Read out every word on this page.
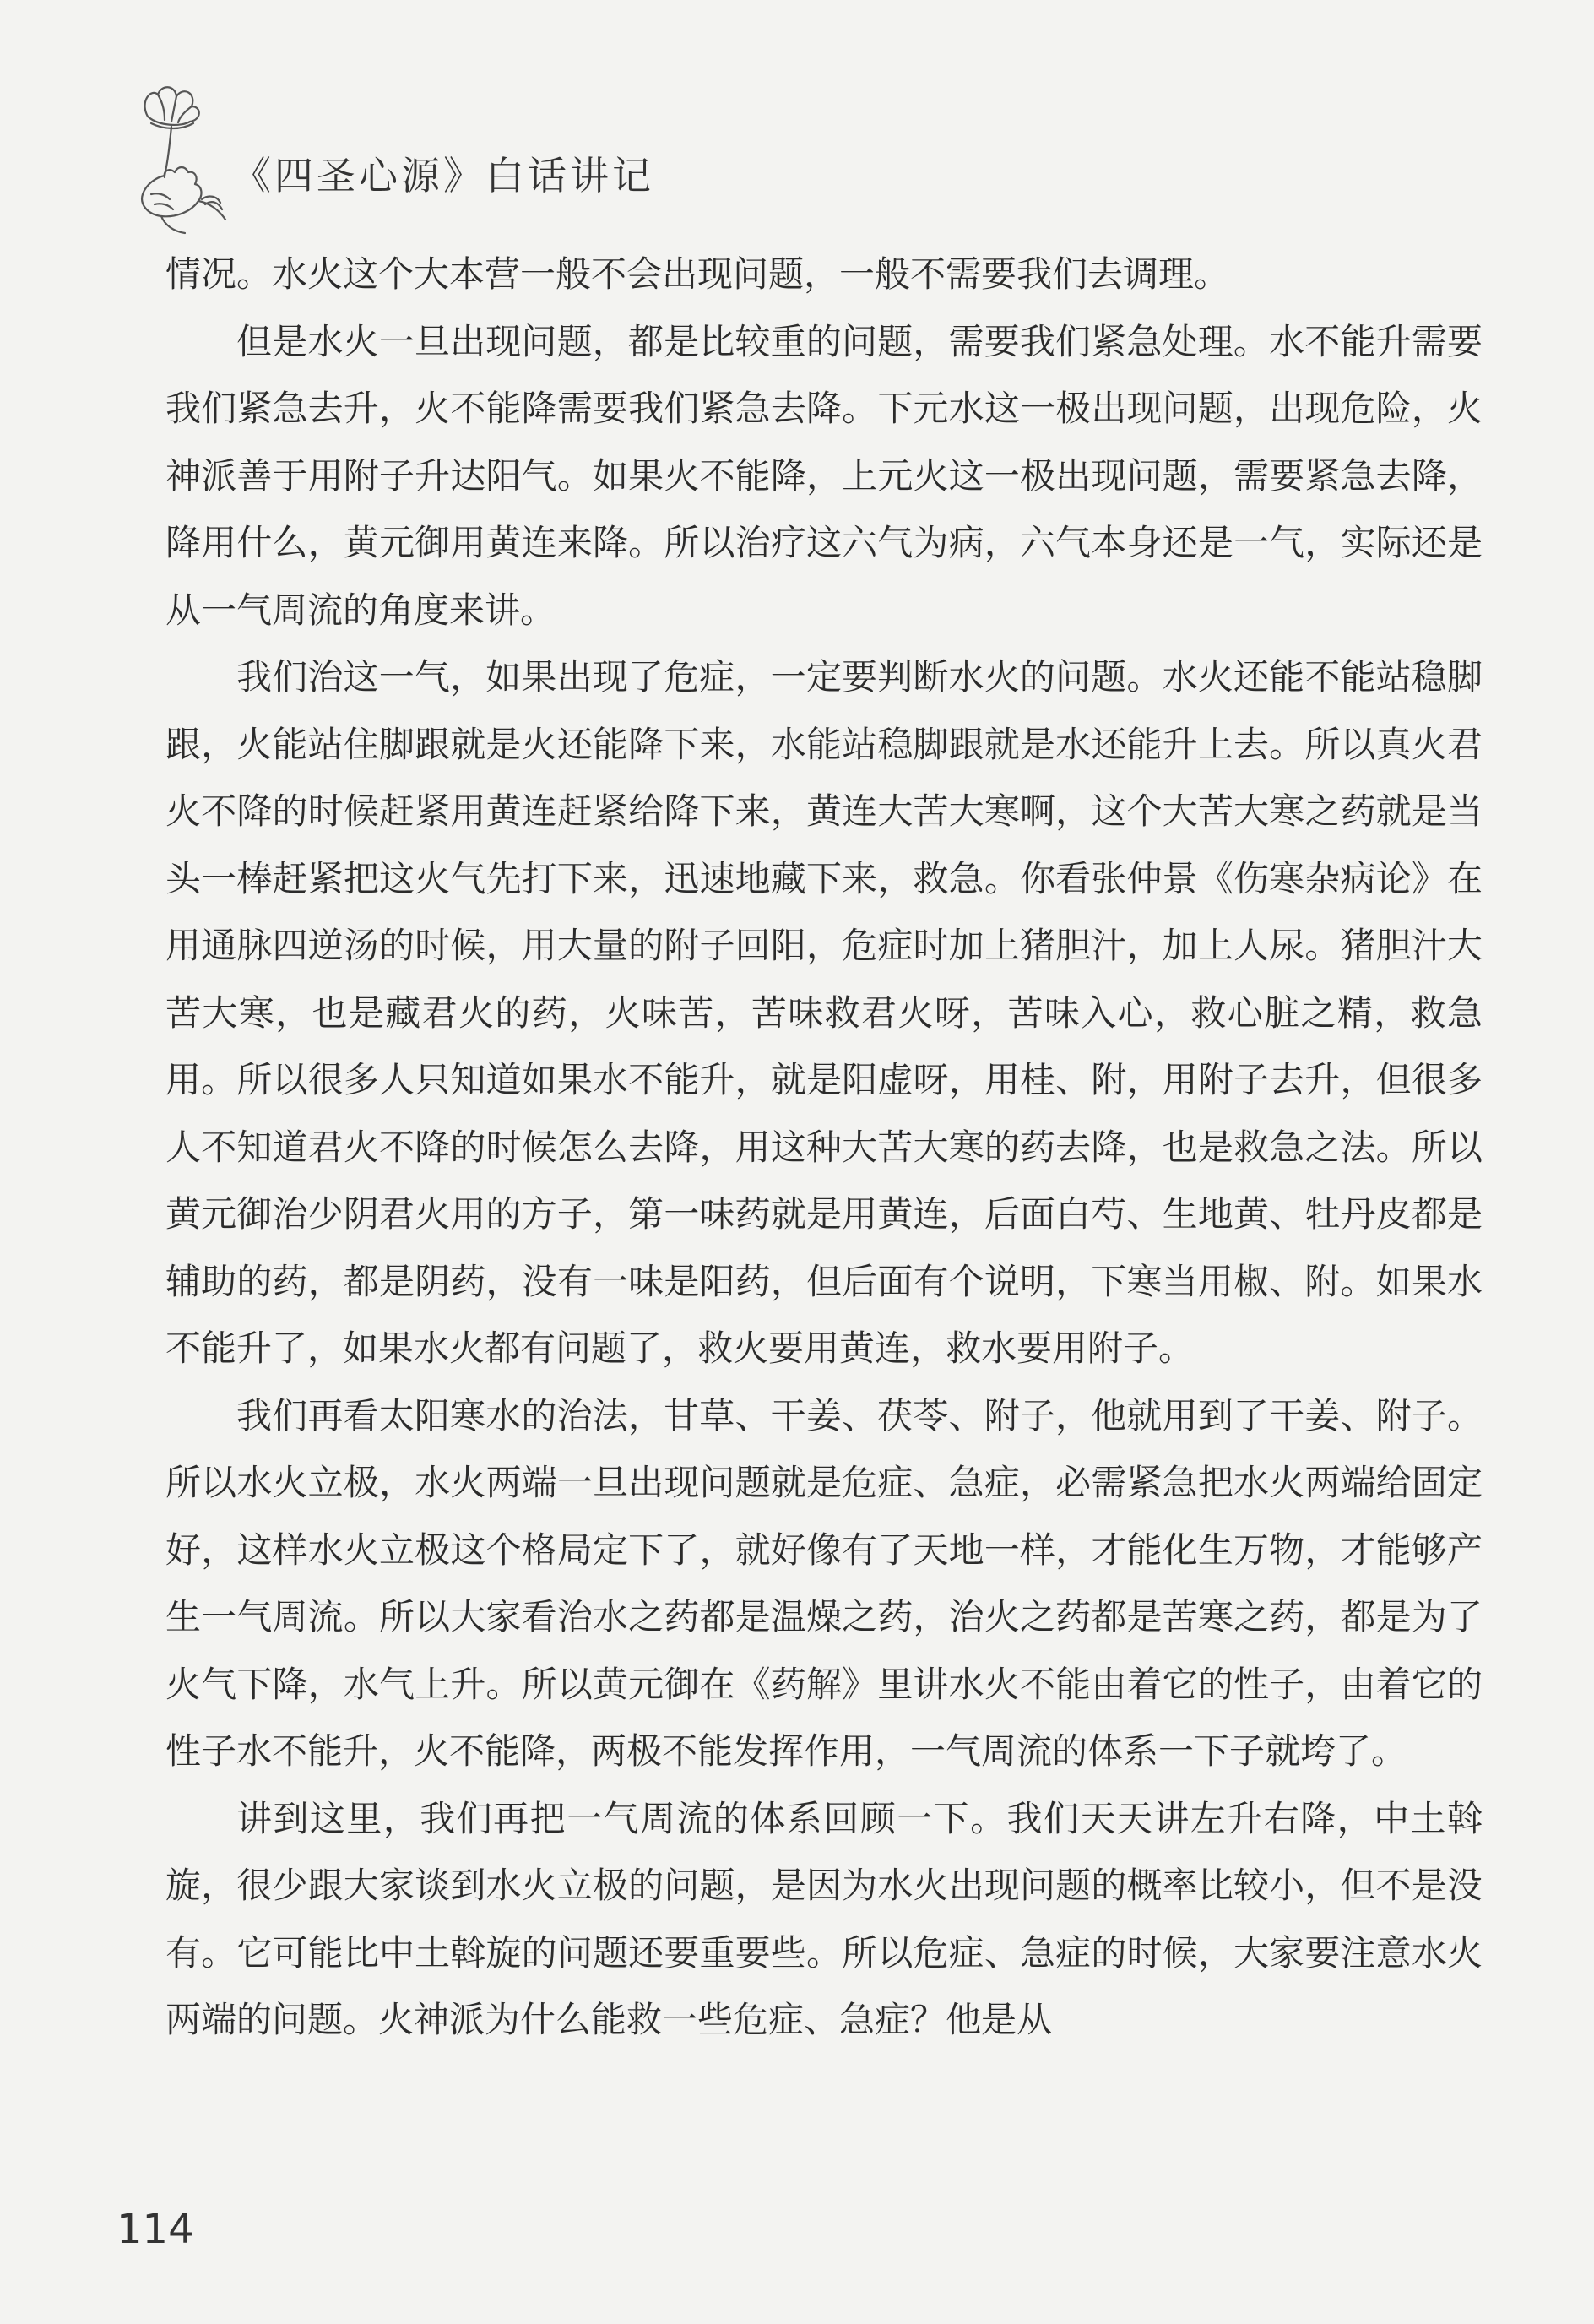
《四圣心源》白话讲记

情况。水火这个大本营一般不会出现问题，一般不需要我们去调理。

但是水火一旦出现问题，都是比较重的问题，需要我们紧急处理。水不能升需要我们紧急去升，火不能降需要我们紧急去降。下元水这一极出现问题，出现危险，火神派善于用附子升达阳气。如果火不能降，上元火这一极出现问题，需要紧急去降，降用什么，黄元御用黄连来降。所以治疗这六气为病，六气本身还是一气，实际还是从一气周流的角度来讲。

我们治这一气，如果出现了危症，一定要判断水火的问题。水火还能不能站稳脚跟，火能站住脚跟就是火还能降下来，水能站稳脚跟就是水还能升上去。所以真火君火不降的时候赶紧用黄连赶紧给降下来，黄连大苦大寒啊，这个大苦大寒之药就是当头一棒赶紧把这火气先打下来，迅速地藏下来，救急。你看张仲景《伤寒杂病论》在用通脉四逆汤的时候，用大量的附子回阳，危症时加上猪胆汁，加上人尿。猪胆汁大苦大寒，也是藏君火的药，火味苦，苦味救君火呀，苦味入心，救心脏之精，救急用。所以很多人只知道如果水不能升，就是阳虚呀，用桂、附，用附子去升，但很多人不知道君火不降的时候怎么去降，用这种大苦大寒的药去降，也是救急之法。所以黄元御治少阴君火用的方子，第一味药就是用黄连，后面白芍、生地黄、牡丹皮都是辅助的药，都是阴药，没有一味是阳药，但后面有个说明，下寒当用椒、附。如果水不能升了，如果水火都有问题了，救火要用黄连，救水要用附子。

我们再看太阳寒水的治法，甘草、干姜、茯苓、附子，他就用到了干姜、附子。所以水火立极，水火两端一旦出现问题就是危症、急症，必需紧急把水火两端给固定好，这样水火立极这个格局定下了，就好像有了天地一样，才能化生万物，才能够产生一气周流。所以大家看治水之药都是温燥之药，治火之药都是苦寒之药，都是为了火气下降，水气上升。所以黄元御在《药解》里讲水火不能由着它的性子，由着它的性子水不能升，火不能降，两极不能发挥作用，一气周流的体系一下子就垮了。

讲到这里，我们再把一气周流的体系回顾一下。我们天天讲左升右降，中土斡旋，很少跟大家谈到水火立极的问题，是因为水火出现问题的概率比较小，但不是没有。它可能比中土斡旋的问题还要重要些。所以危症、急症的时候，大家要注意水火两端的问题。火神派为什么能救一些危症、急症？他是从

114
